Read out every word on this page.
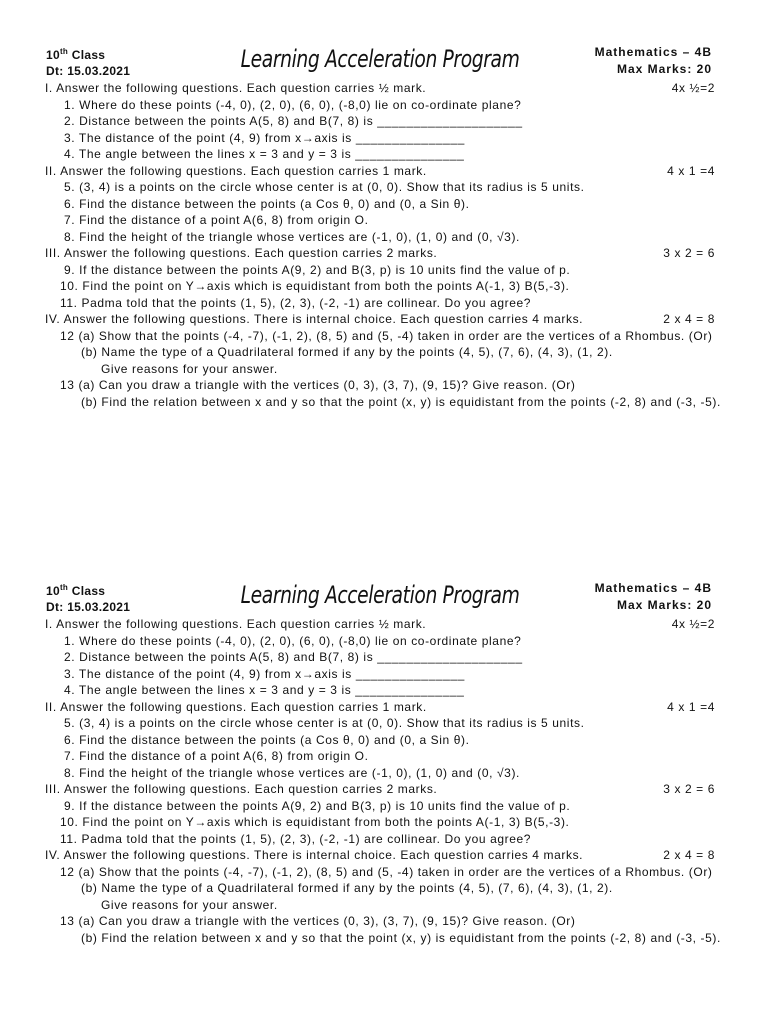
10th Class
Dt: 15.03.2021	Learning Acceleration Program	Mathematics – 4B
Max Marks: 20
I. Answer the following questions. Each question carries ½ mark.	4x ½=2
1. Where do these points (-4, 0), (2, 0), (6, 0), (-8,0) lie on co-ordinate plane?
2. Distance between the points A(5, 8) and B(7, 8) is ____________________
3. The distance of the point (4, 9) from x→axis is _______________
4. The angle between the lines x = 3 and y = 3 is _______________
II. Answer the following questions. Each question carries 1 mark.	4 x 1 =4
5. (3, 4) is a points on the circle whose center is at (0, 0). Show that its radius is 5 units.
6. Find the distance between the points (a Cos θ, 0) and (0, a Sin θ).
7. Find the distance of a point A(6, 8) from origin O.
8. Find the height of the triangle whose vertices are (-1, 0), (1, 0) and (0, √3).
III. Answer the following questions. Each question carries 2 marks.	3 x 2 = 6
9. If the distance between the points A(9, 2) and B(3, p) is 10 units find the value of p.
10. Find the point on Y→axis which is equidistant from both the points A(-1, 3) B(5,-3).
11. Padma told that the points (1, 5), (2, 3), (-2, -1) are collinear. Do you agree?
IV. Answer the following questions. There is internal choice. Each question carries 4 marks.	2 x 4 = 8
12 (a) Show that the points (-4, -7), (-1, 2), (8, 5) and (5, -4) taken in order are the vertices of a Rhombus. (Or)
(b) Name the type of a Quadrilateral formed if any by the points (4, 5), (7, 6), (4, 3), (1, 2).
Give reasons for your answer.
13 (a) Can you draw a triangle with the vertices (0, 3), (3, 7), (9, 15)? Give reason. (Or)
(b) Find the relation between x and y so that the point (x, y) is equidistant from the points (-2, 8) and (-3, -5).
10th Class
Dt: 15.03.2021	Learning Acceleration Program	Mathematics – 4B
Max Marks: 20
I. Answer the following questions. Each question carries ½ mark.	4x ½=2
1. Where do these points (-4, 0), (2, 0), (6, 0), (-8,0) lie on co-ordinate plane?
2. Distance between the points A(5, 8) and B(7, 8) is ____________________
3. The distance of the point (4, 9) from x→axis is _______________
4. The angle between the lines x = 3 and y = 3 is _______________
II. Answer the following questions. Each question carries 1 mark.	4 x 1 =4
5. (3, 4) is a points on the circle whose center is at (0, 0). Show that its radius is 5 units.
6. Find the distance between the points (a Cos θ, 0) and (0, a Sin θ).
7. Find the distance of a point A(6, 8) from origin O.
8. Find the height of the triangle whose vertices are (-1, 0), (1, 0) and (0, √3).
III. Answer the following questions. Each question carries 2 marks.	3 x 2 = 6
9. If the distance between the points A(9, 2) and B(3, p) is 10 units find the value of p.
10. Find the point on Y→axis which is equidistant from both the points A(-1, 3) B(5,-3).
11. Padma told that the points (1, 5), (2, 3), (-2, -1) are collinear. Do you agree?
IV. Answer the following questions. There is internal choice. Each question carries 4 marks.	2 x 4 = 8
12 (a) Show that the points (-4, -7), (-1, 2), (8, 5) and (5, -4) taken in order are the vertices of a Rhombus. (Or)
(b) Name the type of a Quadrilateral formed if any by the points (4, 5), (7, 6), (4, 3), (1, 2).
Give reasons for your answer.
13 (a) Can you draw a triangle with the vertices (0, 3), (3, 7), (9, 15)? Give reason. (Or)
(b) Find the relation between x and y so that the point (x, y) is equidistant from the points (-2, 8) and (-3, -5).
